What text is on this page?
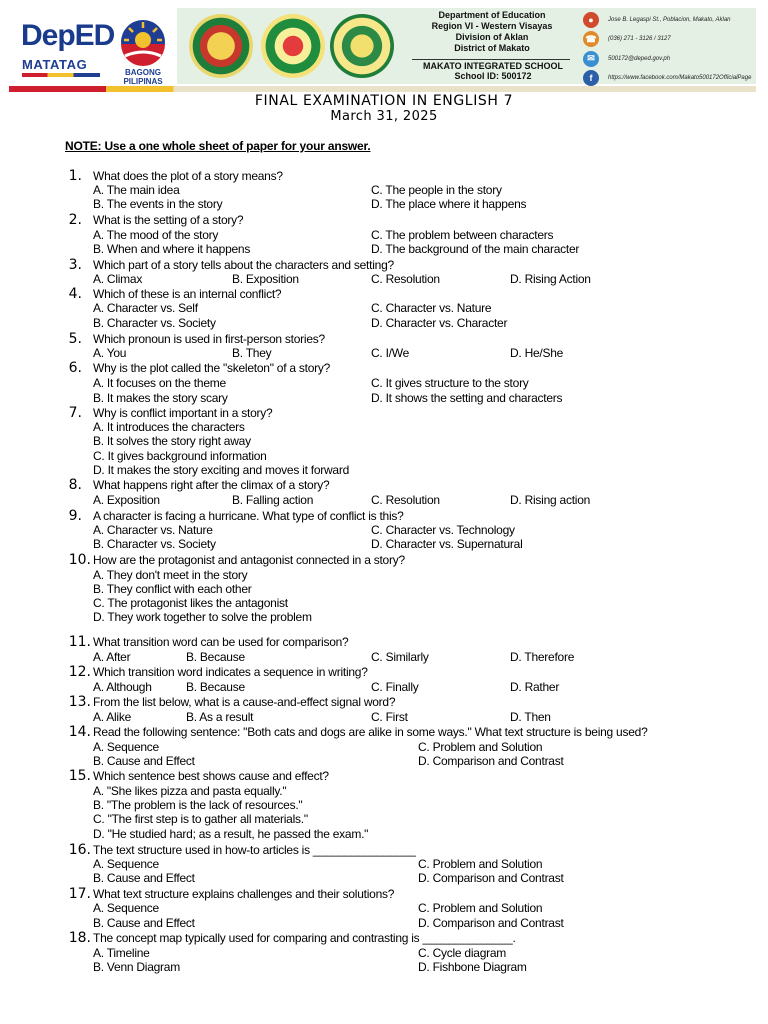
DepED
MATATAG
BAGONG PILIPINAS
Department of Education
Region VI - Western Visayas
Division of Aklan
District of Makato
MAKATO INTEGRATED SCHOOL
School ID: 500172
●	Jose B. Legaspi St., Poblacion, Makato, Aklan
☎	(036) 271 - 3126 / 3127
✉	500172@deped.gov.ph
f	https://www.facebook.com/Makato500172OfficialPage
FINAL EXAMINATION IN ENGLISH 7
March 31, 2025
NOTE: Use a one whole sheet of paper for your answer.
1. What does the plot of a story means?
A. The main idea	C. The people in the story
B. The events in the story	D. The place where it happens
2. What is the setting of a story?
A. The mood of the story	C. The problem between characters
B. When and where it happens	D. The background of the main character
3. Which part of a story tells about the characters and setting?
A. Climax	B. Exposition	C. Resolution	D. Rising Action
4. Which of these is an internal conflict?
A. Character vs. Self	C. Character vs. Nature
B. Character vs. Society	D. Character vs. Character
5. Which pronoun is used in first-person stories?
A. You	B. They	C. I/We	D. He/She
6. Why is the plot called the "skeleton" of a story?
A. It focuses on the theme	C. It gives structure to the story
B. It makes the story scary	D. It shows the setting and characters
7. Why is conflict important in a story?
A. It introduces the characters
B. It solves the story right away
C. It gives background information
D. It makes the story exciting and moves it forward
8. What happens right after the climax of a story?
A. Exposition	B. Falling action	C. Resolution	D. Rising action
9. A character is facing a hurricane. What type of conflict is this?
A. Character vs. Nature	C. Character vs. Technology
B. Character vs. Society	D. Character vs. Supernatural
10. How are the protagonist and antagonist connected in a story?
A. They don't meet in the story
B. They conflict with each other
C. The protagonist likes the antagonist
D. They work together to solve the problem
11. What transition word can be used for comparison?
A. After	B. Because	C. Similarly	D. Therefore
12. Which transition word indicates a sequence in writing?
A. Although	B. Because	C. Finally	D. Rather
13. From the list below, what is a cause-and-effect signal word?
A. Alike	B. As a result	C. First	D. Then
14. Read the following sentence: "Both cats and dogs are alike in some ways." What text structure is being used?
A. Sequence	C. Problem and Solution
B. Cause and Effect	D. Comparison and Contrast
15. Which sentence best shows cause and effect?
A. "She likes pizza and pasta equally."
B. "The problem is the lack of resources."
C. "The first step is to gather all materials."
D. "He studied hard; as a result, he passed the exam."
16. The text structure used in how-to articles is ________________
A. Sequence	C. Problem and Solution
B. Cause and Effect	D. Comparison and Contrast
17. What text structure explains challenges and their solutions?
A. Sequence	C. Problem and Solution
B. Cause and Effect	D. Comparison and Contrast
18. The concept map typically used for comparing and contrasting is ______________.
A. Timeline	C. Cycle diagram
B. Venn Diagram	D. Fishbone Diagram
